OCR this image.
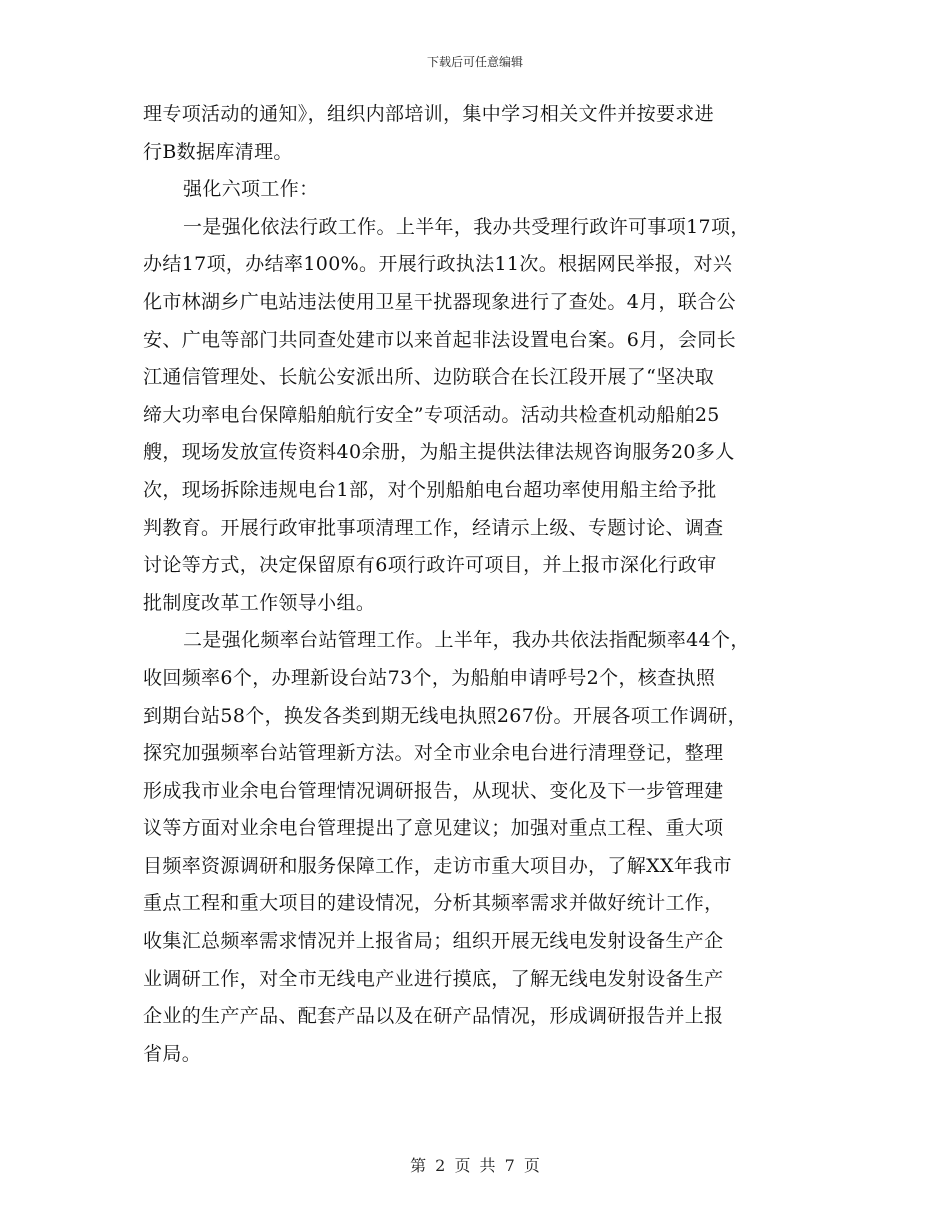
下载后可任意编辑
理专项活动的通知》，组织内部培训，集中学习相关文件并按要求进
行B数据库清理。
强化六项工作：
一是强化依法行政工作。上半年，我办共受理行政许可事项17项，
办结17项，办结率100%。开展行政执法11次。根据网民举报，对兴
化市林湖乡广电站违法使用卫星干扰器现象进行了查处。4月，联合公
安、广电等部门共同查处建市以来首起非法设置电台案。6月，会同长
江通信管理处、长航公安派出所、边防联合在长江段开展了“坚决取
缔大功率电台保障船舶航行安全”专项活动。活动共检查机动船舶25
艘，现场发放宣传资料40余册，为船主提供法律法规咨询服务20多人
次，现场拆除违规电台1部，对个别船舶电台超功率使用船主给予批
判教育。开展行政审批事项清理工作，经请示上级、专题讨论、调查
讨论等方式，决定保留原有6项行政许可项目，并上报市深化行政审
批制度改革工作领导小组。
二是强化频率台站管理工作。上半年，我办共依法指配频率44个，
收回频率6个，办理新设台站73个，为船舶申请呼号2个，核查执照
到期台站58个，换发各类到期无线电执照267份。开展各项工作调研，
探究加强频率台站管理新方法。对全市业余电台进行清理登记，整理
形成我市业余电台管理情况调研报告，从现状、变化及下一步管理建
议等方面对业余电台管理提出了意见建议；加强对重点工程、重大项
目频率资源调研和服务保障工作，走访市重大项目办，了解XX年我市
重点工程和重大项目的建设情况，分析其频率需求并做好统计工作，
收集汇总频率需求情况并上报省局；组织开展无线电发射设备生产企
业调研工作，对全市无线电产业进行摸底，了解无线电发射设备生产
企业的生产产品、配套产品以及在研产品情况，形成调研报告并上报
省局。
第 2 页 共 7 页
